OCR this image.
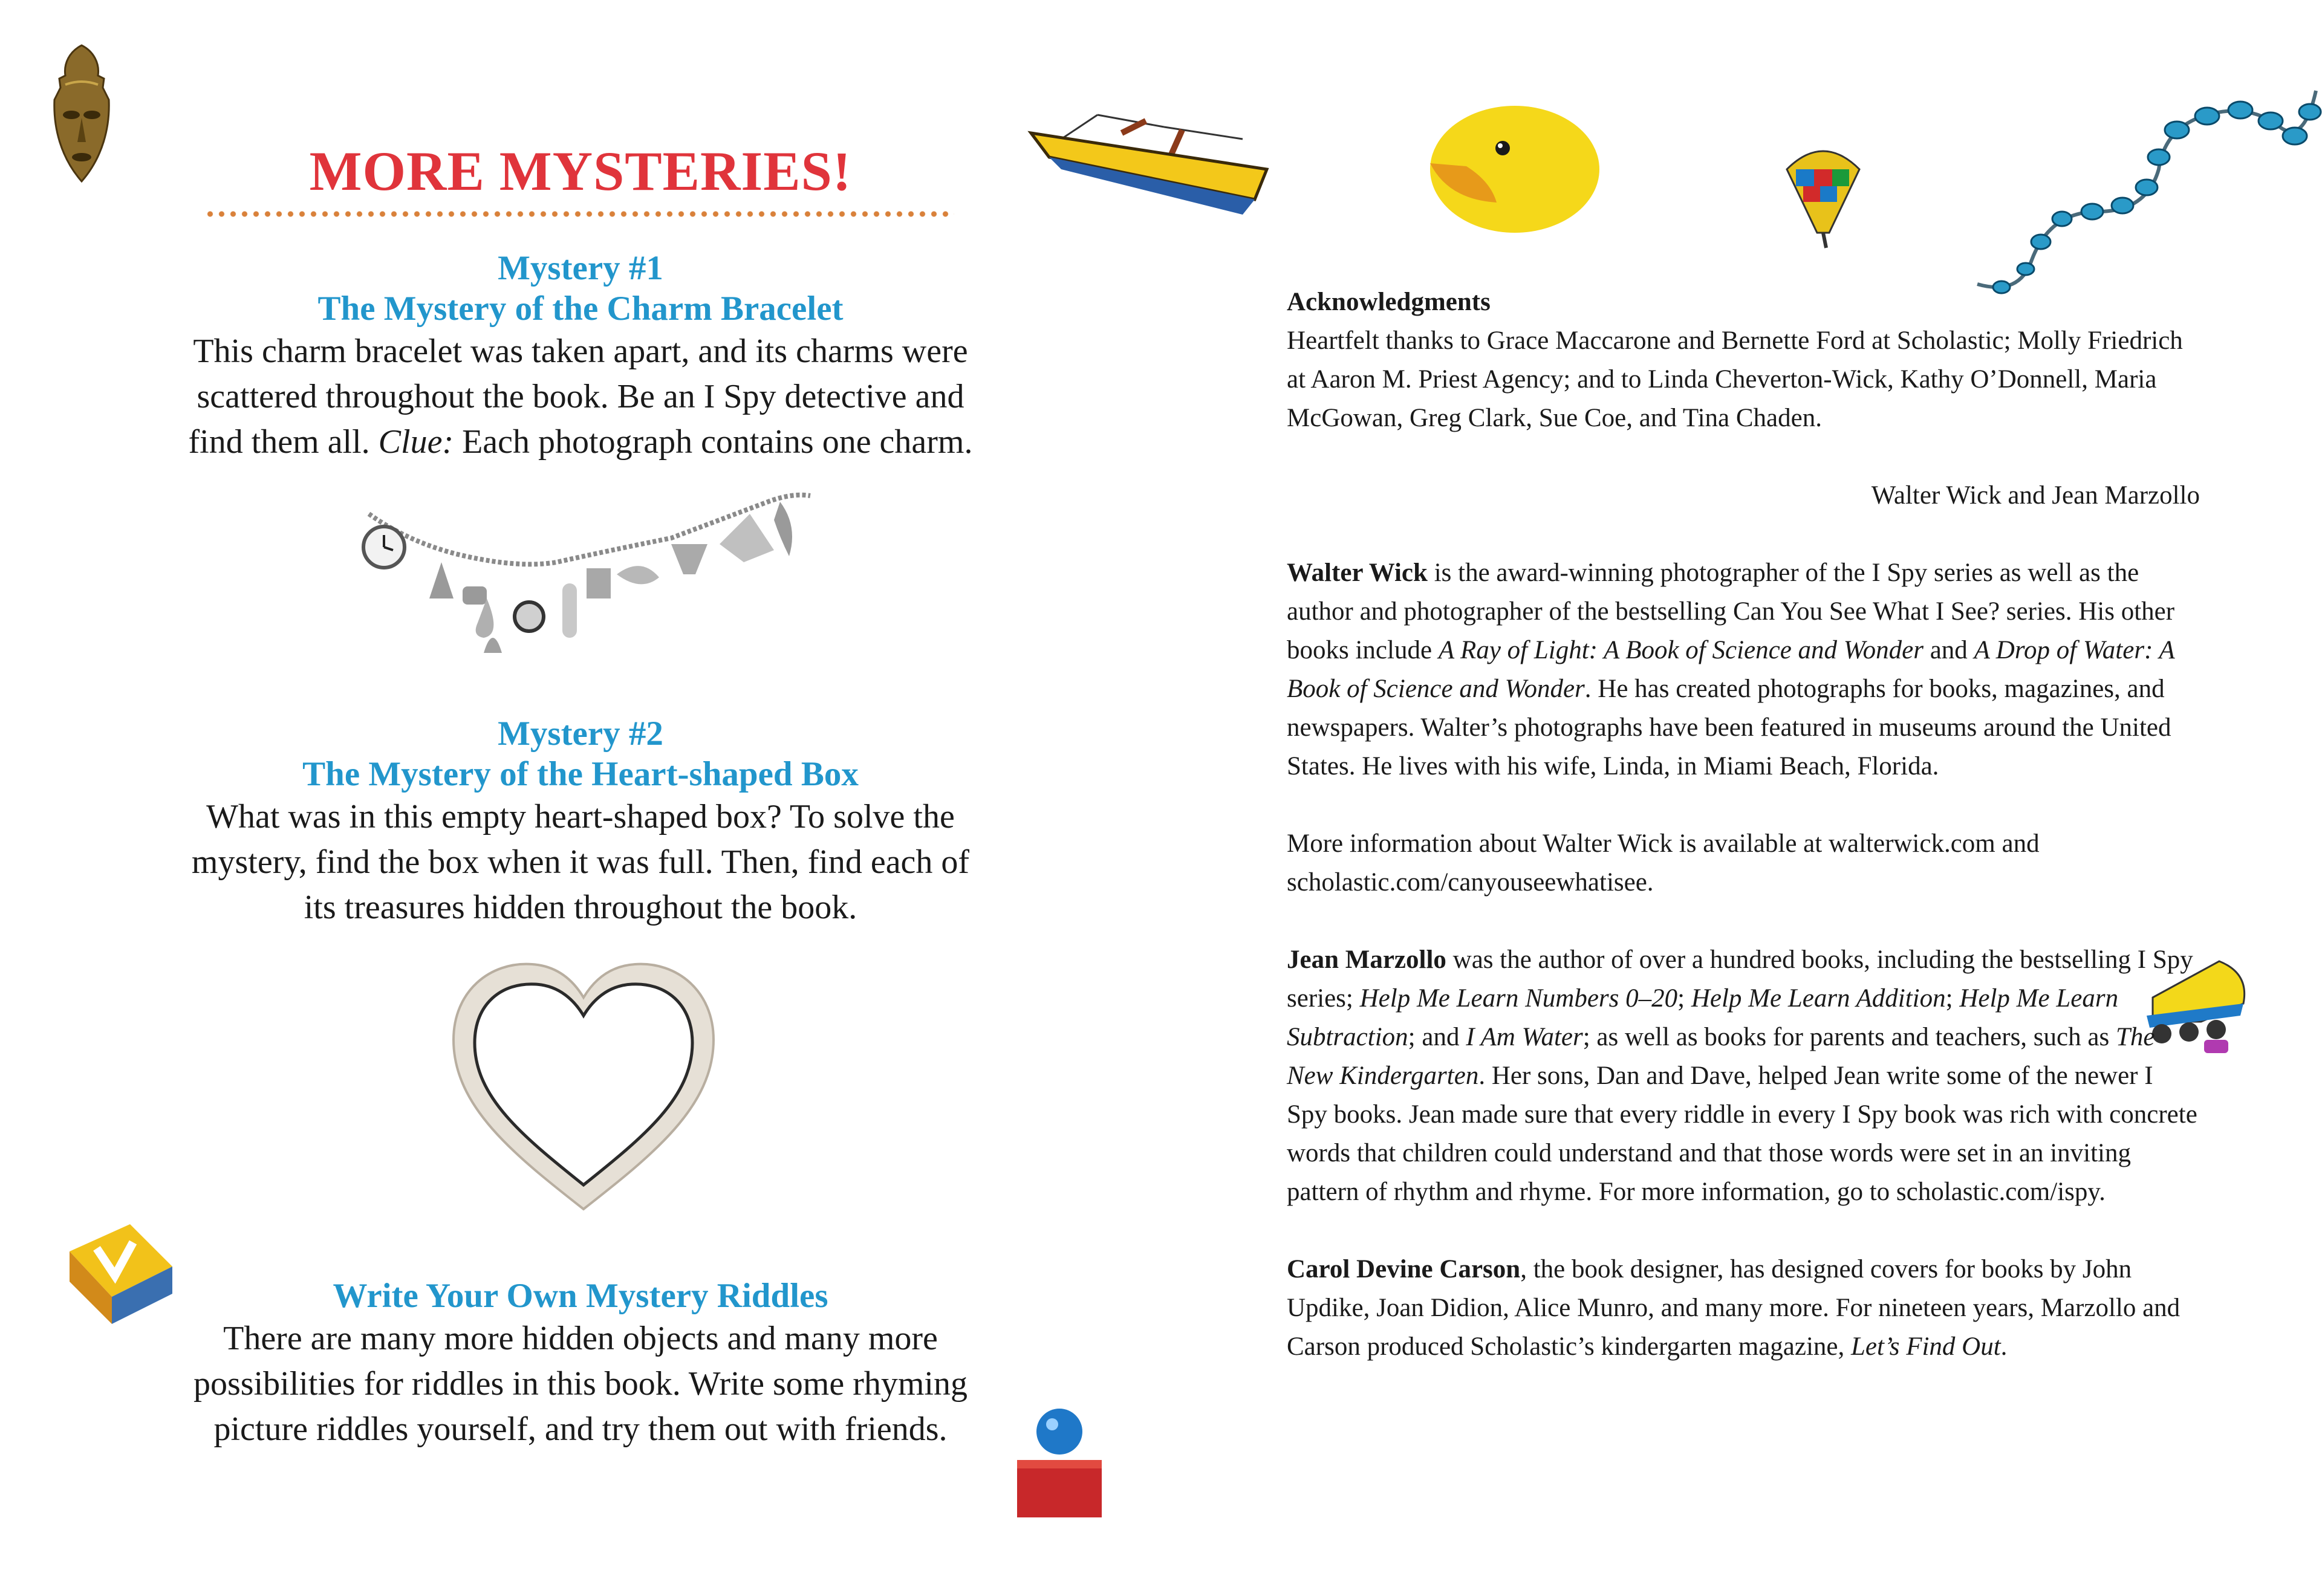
MORE MYSTERIES!
Mystery #1
The Mystery of the Charm Bracelet
This charm bracelet was taken apart, and its charms were
scattered throughout the book. Be an I Spy detective and
find them all. Clue: Each photograph contains one charm.
Mystery #2
The Mystery of the Heart-shaped Box
What was in this empty heart-shaped box? To solve the
mystery, find the box when it was full. Then, find each of
its treasures hidden throughout the book.
Write Your Own Mystery Riddles
There are many more hidden objects and many more
possibilities for riddles in this book. Write some rhyming
picture riddles yourself, and try them out with friends.

Acknowledgments

Heartfelt thanks to Grace Maccarone and Bernette Ford at Scholastic; Molly Friedrich at Aaron M. Priest Agency; and to Linda Cheverton-Wick, Kathy O’Donnell, Maria McGowan, Greg Clark, Sue Coe, and Tina Chaden.

Walter Wick and Jean Marzollo

Walter Wick is the award-winning photographer of the I Spy series as well as the author and photographer of the bestselling Can You See What I See? series. His other books include A Ray of Light: A Book of Science and Wonder and A Drop of Water: A Book of Science and Wonder. He has created photographs for books, magazines, and newspapers. Walter’s photographs have been featured in museums around the United States. He lives with his wife, Linda, in Miami Beach, Florida.

More information about Walter Wick is available at walterwick.com and scholastic.com/canyouseewhatisee.

Jean Marzollo was the author of over a hundred books, including the bestselling I Spy series; Help Me Learn Numbers 0–20; Help Me Learn Addition; Help Me Learn Subtraction; and I Am Water; as well as books for parents and teachers, such as The New Kindergarten. Her sons, Dan and Dave, helped Jean write some of the newer I Spy books. Jean made sure that every riddle in every I Spy book was rich with concrete words that children could understand and that those words were set in an inviting pattern of rhythm and rhyme. For more information, go to scholastic.com/ispy.

Carol Devine Carson, the book designer, has designed covers for books by John Updike, Joan Didion, Alice Munro, and many more. For nineteen years, Marzollo and Carson produced Scholastic’s kindergarten magazine, Let’s Find Out.
